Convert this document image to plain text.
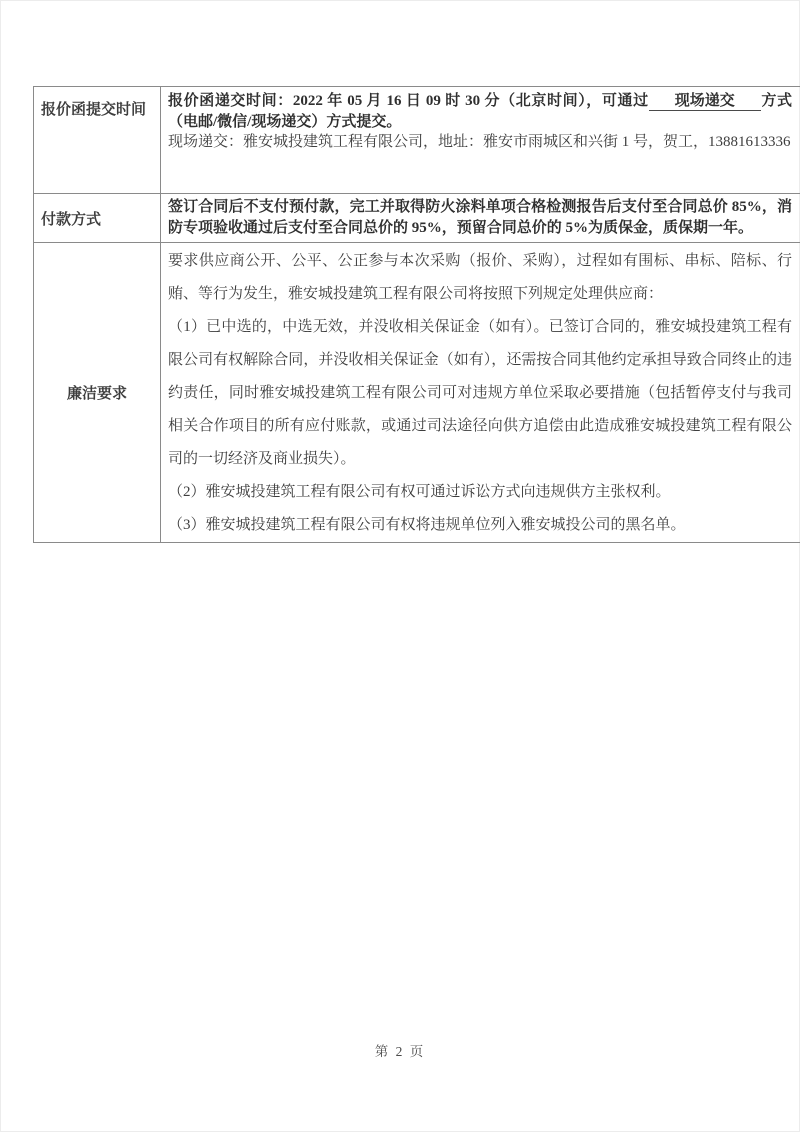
报价函提交时间	报价函递交时间：2022 年 05 月 16 日 09 时 30 分（北京时间），可通过 现场递交 方式（电邮/微信/现场递交）方式提交。

现场递交：雅安城投建筑工程有限公司，地址：雅安市雨城区和兴街 1 号，贺工，13881613336

付款方式	签订合同后不支付预付款，完工并取得防火涂料单项合格检测报告后支付至合同总价 85%，消防专项验收通过后支付至合同总价的 95%，预留合同总价的 5%为质保金，质保期一年。

廉洁要求	要求供应商公开、公平、公正参与本次采购（报价、采购），过程如有围标、串标、陪标、行贿、等行为发生，雅安城投建筑工程有限公司将按照下列规定处理供应商：

（1）已中选的，中选无效，并没收相关保证金（如有）。已签订合同的，雅安城投建筑工程有限公司有权解除合同，并没收相关保证金（如有），还需按合同其他约定承担导致合同终止的违约责任，同时雅安城投建筑工程有限公司可对违规方单位采取必要措施（包括暂停支付与我司相关合作项目的所有应付账款，或通过司法途径向供方追偿由此造成雅安城投建筑工程有限公司的一切经济及商业损失）。

（2）雅安城投建筑工程有限公司有权可通过诉讼方式向违规供方主张权利。

（3）雅安城投建筑工程有限公司有权将违规单位列入雅安城投公司的黑名单。

第 2 页
